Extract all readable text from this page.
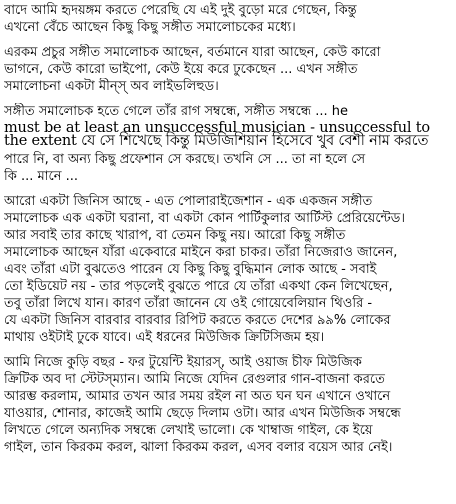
বাদে আমি হৃদয়ঙ্গম করতে পেরেছি যে এই দুই বুড়ো মরে গেছেন, কিন্তু
এখনো বেঁচে আছেন কিছু কিছু সঙ্গীত সমালোচকের মধ্যে।
এরকম প্রচুর সঙ্গীত সমালোচক আছেন, বর্তমানে যারা আছেন, কেউ কারো
ভাগনে, কেউ কারো ভাইপো, কেউ ইয়ে করে ঢুকেছেন ... এখন সঙ্গীত
সমালোচনা একটা মীন্‌স্‌ অব লাইভলিহুড।
সঙ্গীত সমালোচক হতে গেলে তাঁর রাগ সম্বন্ধে, সঙ্গীত সম্বন্ধে ... he
must be at least an unsuccessful musician - unsuccessful to
the extent যে সে শিখেছে কিন্তু মিউজিশিয়ান হিসেবে খুব বেশী নাম করতে
পারে নি, বা অন্য কিছু প্রফেশান সে করছে। তখনি সে ... তা না হলে সে
কি ... মানে ...
আরো একটা জিনিস আছে - এত পোলারাইজেশান - এক একজন সঙ্গীত
সমালোচক এক একটা ঘরানা, বা একটা কোন পার্টিকুলার আর্টিস্ট প্রেরিয়েন্টেড।
আর সবাই তার কাছে খারাপ, বা তেমন কিছু নয়। আরো কিছু সঙ্গীত
সমালোচক আছেন যাঁরা একেবারে মাইনে করা চাকর। তাঁরা নিজেরাও জানেন,
এবং তাঁরা এটা বুঝতেও পারেন যে কিছু কিছু বুদ্ধিমান লোক আছে - সবাই
তো ইডিয়েট নয় - তার পড়লেই বুঝতে পারে যে তাঁরা একথা কেন লিখেছেন,
তবু তাঁরা লিখে যান। কারণ তাঁরা জানেন যে ওই গোয়েবেলিয়ান থিওরি -
যে একটা জিনিস বারবার বারবার রিপিট করতে করতে দেশের ৯৯% লোকের
মাথায় ওইটাই ঢুকে যাবে। এই ধরনের মিউজিক ক্রিটিসিজম হয়।
আমি নিজে কুড়ি বছর - ফর টুয়েন্টি ইয়ারস্‌, আই ওয়াজ চীফ মিউজিক
ক্রিটিক অব দা স্টেটস্‌ম্যান। আমি নিজে যেদিন রেগুলার গান-বাজনা করতে
আরম্ভ করলাম, আমার তখন আর সময় রইল না অত ঘন ঘন এখানে ওখানে
যাওয়ার, শোনার, কাজেই আমি ছেড়ে দিলাম ওটা। আর এখন মিউজিক সম্বন্ধে
লিখতে গেলে অন্যদিক সম্বন্ধে লেখাই ভালো। কে খাম্বাজ গাইল, কে ইয়ে
গাইল, তান কিরকম করল, ঝালা কিরকম করল, এসব বলার বয়েস আর নেই।
